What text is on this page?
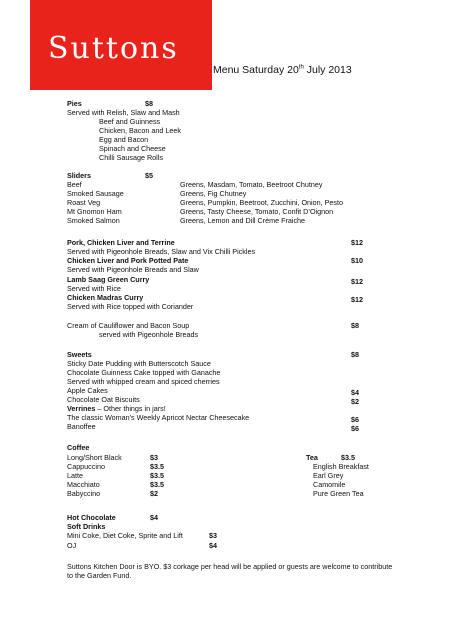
Suttons
Menu Saturday 20th July 2013
Pies	$8
Served with Relish, Slaw and Mash
Beef and Guinness
Chicken, Bacon and Leek
Egg and Bacon
Spinach and Cheese
Chilli Sausage Rolls
Sliders	$5
Beef	Greens, Masdam, Tomato, Beetroot Chutney
Smoked Sausage	Greens, Fig Chutney
Roast Veg	Greens, Pumpkin, Beetroot, Zucchini, Onion, Pesto
Mt Gnomon Ham	Greens, Tasty Cheese, Tomato, Confit D’Oignon
Smoked Salmon	Greens, Lemon and Dill Crème Fraiche
Pork, Chicken Liver and Terrine	$12
Served with Pigeonhole Breads, Slaw and Vix Chilli Pickles
Chicken Liver and Pork Potted Pate	$10
Served with Pigeonhole Breads and Slaw
Lamb Saag Green Curry	$12
Served with Rice
Chicken Madras Curry	$12
Served with Rice topped with Coriander
Cream of Cauliflower and Bacon Soup	$8
served with Pigeonhole Breads
Sweets	$8
Sticky Date Pudding with Butterscotch Sauce
Chocolate Guinness Cake topped with Ganache
Served with whipped cream and spiced cherries
Apple Cakes	$4
Chocolate Oat Biscuits	$2
Verrines – Other things in jars!
The classic Woman’s Weekly Apricot Nectar Cheesecake	$6
Banoffee	$6
Coffee
Long/Short Black	$3
Cappuccino	$3.5
Latte	$3.5
Macchiato	$3.5
Babyccino	$2
Tea	$3.5
English Breakfast
Earl Grey
Camomile
Pure Green Tea
Hot Chocolate	$4
Soft Drinks
Mini Coke, Diet Coke, Sprite and Lift	$3
OJ	$4
Suttons Kitchen Door is BYO. $3 corkage per head will be applied or guests are welcome to contribute
to the Garden Fund.
